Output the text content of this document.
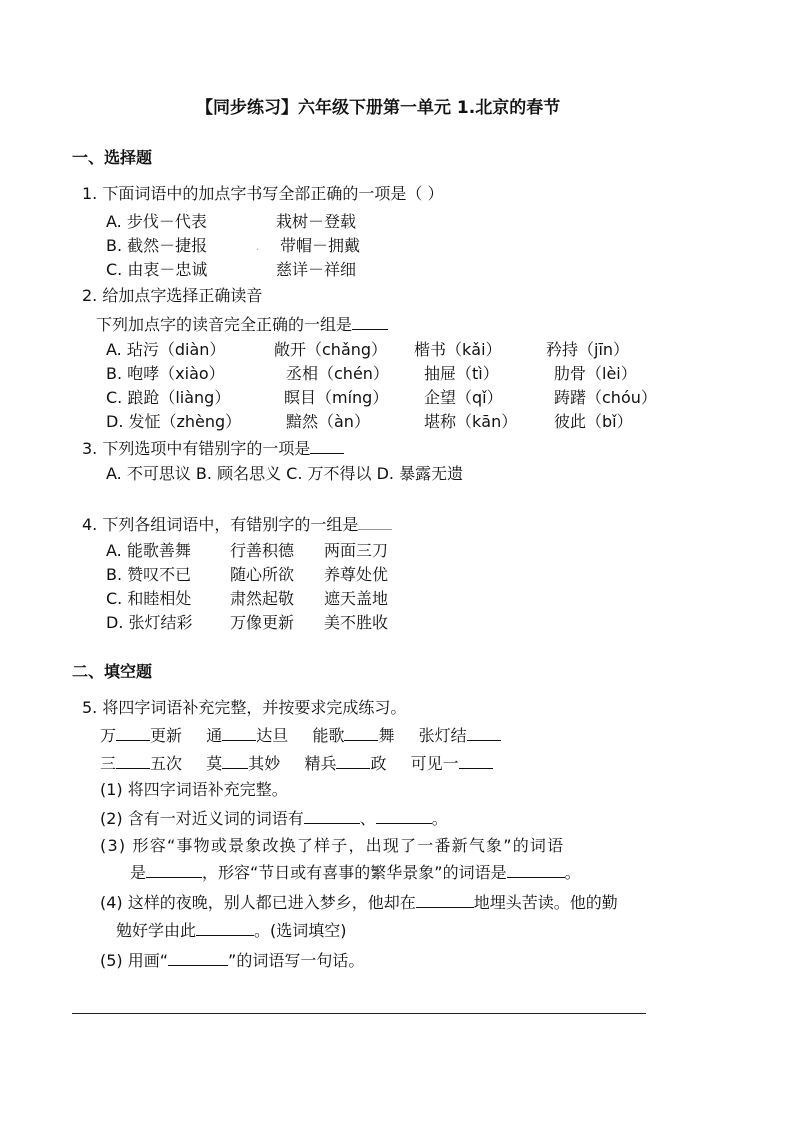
【同步练习】六年级下册第一单元 1.北京的春节
一、选择题
1. 下面词语中的加点字书写全部正确的一项是（ ）
A. 步伐－代表	栽树－登载
B. 截然－捷报	. 带帽－拥戴
C. 由衷－忠诚	慈详－祥细
2. 给加点字选择正确读音
下列加点字的读音完全正确的一组是
A. 玷污（diàn）	敞开（chǎng） 楷书（kǎi）	矜持（jīn）
B. 咆哮（xiào）	丞相（chén） 抽屉（tì）	肋骨（lèi）
C. 踉跄（liàng）	瞑目（míng） 企望（qǐ）	踌躇（chóu）
D. 发怔（zhèng）	黯然（àn）	堪称（kān） 彼此（bǐ）
3. 下列选项中有错别字的一项是
A. 不可思议 B. 顾名思义 C. 万不得以 D. 暴露无遗
4. 下列各组词语中，有错别字的一组是
A. 能歌善舞 行善积德 两面三刀
B. 赞叹不已 随心所欲 养尊处优
C. 和睦相处 肃然起敬 遮天盖地
D. 张灯结彩 万像更新 美不胜收
二、填空题
5. 将四字词语补充完整，并按要求完成练习。
万 更新 通 达旦 能歌 舞 张灯结
三 五次 莫 其妙 精兵 政 可见一
(1) 将四字词语补充完整。
(2) 含有一对近义词的词语有	、	。
(3) 形容“事物或景象改换了样子，出现了一番新气象”的词语
是	，形容“节日或有喜事的繁华景象”的词语是	。
(4) 这样的夜晚，别人都已进入梦乡，他却在	地埋头苦读。他的勤
勉好学由此	。(选词填空)
(5) 用画“	”的词语写一句话。
